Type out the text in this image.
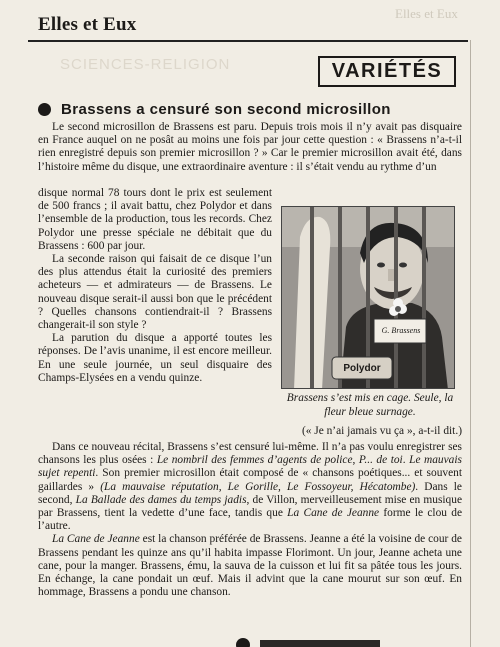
Elles et Eux
Elles et Eux
SCIENCES-RELIGION	VARIÉTÉS
Brassens a censuré son second microsillon

Le second microsillon de Brassens est paru. Depuis trois mois il n’y avait pas disquaire en France auquel on ne posât au moins une fois par jour cette question : « Brassens n’a-t-il rien enregistré depuis son premier microsillon ? » Car le premier microsillon avait été, dans l’histoire même du disque, une extraordinaire aventure : il s’était vendu au rythme d’un

disque normal 78 tours dont le prix est seulement de 500 francs ; il avait battu, chez Polydor et dans l’ensemble de la production, tous les records. Chez Polydor une presse spéciale ne débitait que du Brassens : 600 par jour.

La seconde raison qui faisait de ce disque l’un des plus attendus était la curiosité des premiers acheteurs — et admirateurs — de Brassens. Le nouveau disque serait-il aussi bon que le précédent ? Quelles chansons contiendrait-il ? Brassens changerait-il son style ?

La parution du disque a apporté toutes les réponses. De l’avis unanime, il est encore meilleur. En une seule journée, un seul disquaire des Champs-Elysées en a vendu quinze.

(« Je n’ai jamais vu ça », a-t-il dit.)

G. Brassens
Polydor
Brassens s’est mis en cage. Seule, la fleur bleue surnage.

Dans ce nouveau récital, Brassens s’est censuré lui-même. Il n’a pas voulu enregistrer ses chansons les plus osées : Le nombril des femmes d’agents de police, P... de toi. Le mauvais sujet repenti. Son premier microsillon était composé de « chansons poétiques... et souvent gaillardes » (La mauvaise réputation, Le Gorille, Le Fossoyeur, Hécatombe). Dans le second, La Ballade des dames du temps jadis, de Villon, merveilleusement mise en musique par Brassens, tient la vedette d’une face, tandis que La Cane de Jeanne forme le clou de l’autre.

La Cane de Jeanne est la chanson préférée de Brassens. Jeanne a été la voisine de cour de Brassens pendant les quinze ans qu’il habita impasse Florimont. Un jour, Jeanne acheta une cane, pour la manger. Brassens, ému, la sauva de la cuisson et lui fit sa pâtée tous les jours. En échange, la cane pondait un œuf. Mais il advint que la cane mourut sur son œuf. En hommage, Brassens a pondu une chanson.
